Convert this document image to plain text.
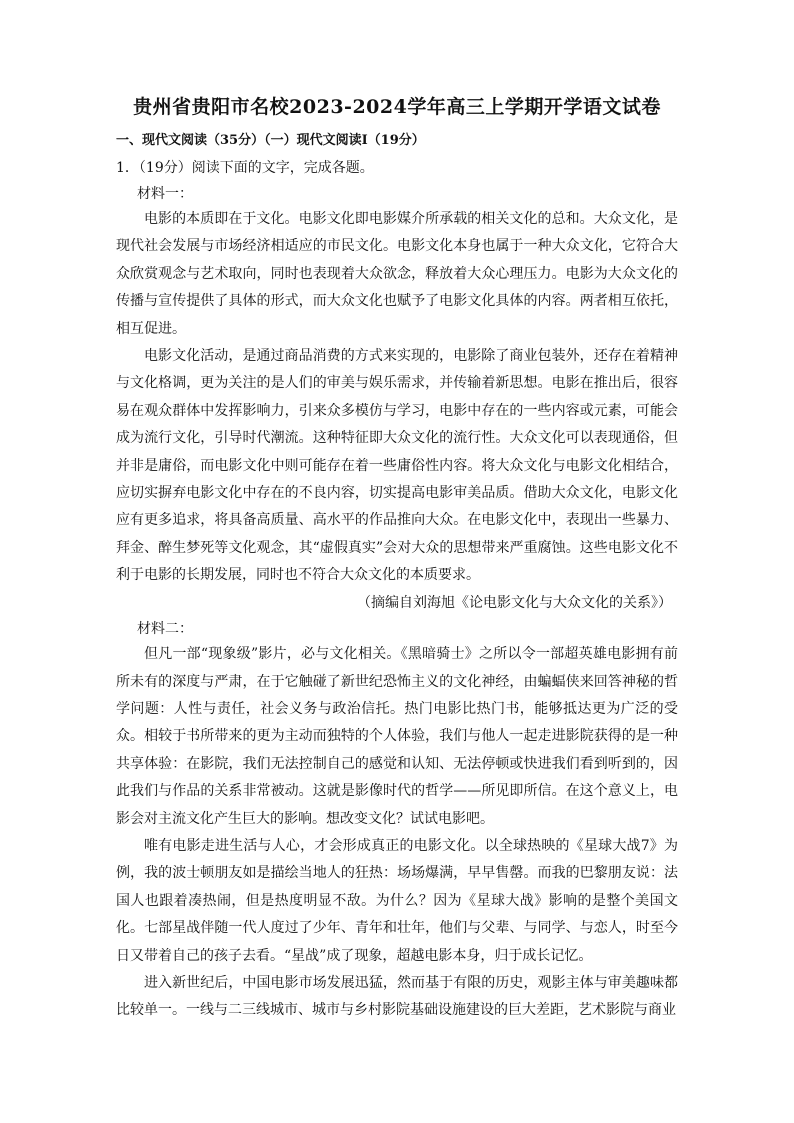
贵州省贵阳市名校2023-2024学年高三上学期开学语文试卷
一、现代文阅读（35分）（一）现代文阅读Ⅰ（19分）
1．（19分）阅读下面的文字，完成各题。
材料一：

电影的本质即在于文化。电影文化即电影媒介所承载的相关文化的总和。大众文化，是现代社会发展与市场经济相适应的市民文化。电影文化本身也属于一种大众文化，它符合大众欣赏观念与艺术取向，同时也表现着大众欲念，释放着大众心理压力。电影为大众文化的传播与宣传提供了具体的形式，而大众文化也赋予了电影文化具体的内容。两者相互依托，相互促进。

电影文化活动，是通过商品消费的方式来实现的，电影除了商业包装外，还存在着精神与文化格调，更为关注的是人们的审美与娱乐需求，并传输着新思想。电影在推出后，很容易在观众群体中发挥影响力，引来众多模仿与学习，电影中存在的一些内容或元素，可能会成为流行文化，引导时代潮流。这种特征即大众文化的流行性。大众文化可以表现通俗，但并非是庸俗，而电影文化中则可能存在着一些庸俗性内容。将大众文化与电影文化相结合，应切实摒弃电影文化中存在的不良内容，切实提高电影审美品质。借助大众文化，电影文化应有更多追求，将具备高质量、高水平的作品推向大众。在电影文化中，表现出一些暴力、拜金、醉生梦死等文化观念，其“虚假真实”会对大众的思想带来严重腐蚀。这些电影文化不利于电影的长期发展，同时也不符合大众文化的本质要求。

（摘编自刘海旭《论电影文化与大众文化的关系》）

材料二：

但凡一部“现象级”影片，必与文化相关。《黑暗骑士》之所以令一部超英雄电影拥有前所未有的深度与严肃，在于它触碰了新世纪恐怖主义的文化神经，由蝙蝠侠来回答神秘的哲学问题：人性与责任，社会义务与政治信托。热门电影比热门书，能够抵达更为广泛的受众。相较于书所带来的更为主动而独特的个人体验，我们与他人一起走进影院获得的是一种共享体验：在影院，我们无法控制自己的感觉和认知、无法停顿或快进我们看到听到的，因此我们与作品的关系非常被动。这就是影像时代的哲学——所见即所信。在这个意义上，电影会对主流文化产生巨大的影响。想改变文化？试试电影吧。

唯有电影走进生活与人心，才会形成真正的电影文化。以全球热映的《星球大战7》为例，我的波士顿朋友如是描绘当地人的狂热：场场爆满，早早售罄。而我的巴黎朋友说：法国人也跟着凑热闹，但是热度明显不敌。为什么？因为《星球大战》影响的是整个美国文化。七部星战伴随一代人度过了少年、青年和壮年，他们与父辈、与同学、与恋人，时至今日又带着自己的孩子去看。“星战”成了现象，超越电影本身，归于成长记忆。

进入新世纪后，中国电影市场发展迅猛，然而基于有限的历史，观影主体与审美趣味都比较单一。一线与二三线城市、城市与乡村影院基础设施建设的巨大差距，艺术影院与商业
